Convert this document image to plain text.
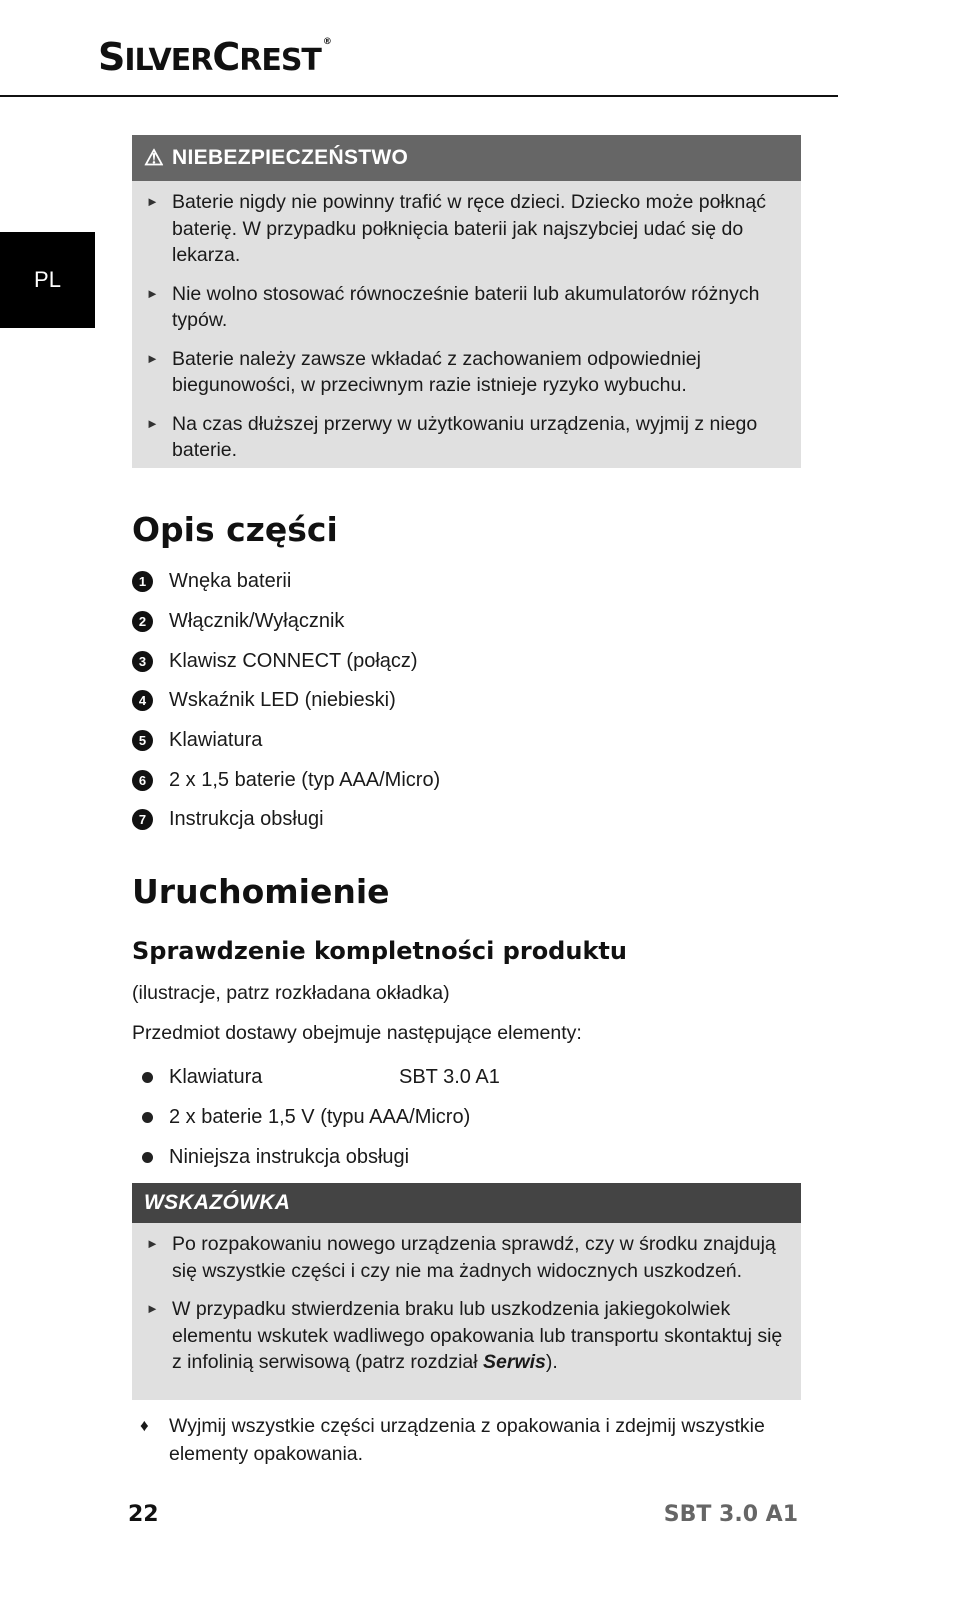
SILVERCREST®
PL
⚠ NIEBEZPIECZEŃSTWO
► Baterie nigdy nie powinny trafić w ręce dzieci. Dziecko może połknąć baterię. W przypadku połknięcia baterii jak najszybciej udać się do lekarza.
► Nie wolno stosować równocześnie baterii lub akumulatorów różnych typów.
► Baterie należy zawsze wkładać z zachowaniem odpowiedniej biegunowości, w przeciwnym razie istnieje ryzyko wybuchu.
► Na czas dłuższej przerwy w użytkowaniu urządzenia, wyjmij z niego baterie.
Opis części
1	Wnęka baterii
2	Włącznik/Wyłącznik
3	Klawisz CONNECT (połącz)
4	Wskaźnik LED (niebieski)
5	Klawiatura
6	2 x 1,5 baterie (typ AAA/Micro)
7	Instrukcja obsługi
Uruchomienie
Sprawdzenie kompletności produktu

(ilustracje, patrz rozkładana okładka)

Przedmiot dostawy obejmuje następujące elementy:

Klawiatura	SBT 3.0 A1
2 x baterie 1,5 V (typu AAA/Micro)
Niniejsza instrukcja obsługi
WSKAZÓWKA
► Po rozpakowaniu nowego urządzenia sprawdź, czy w środku znajdują się wszystkie części i czy nie ma żadnych widocznych uszkodzeń.
► W przypadku stwierdzenia braku lub uszkodzenia jakiegokolwiek elementu wskutek wadliwego opakowania lub transportu skontaktuj się z infolinią serwisową (patrz rozdział Serwis).
♦ Wyjmij wszystkie części urządzenia z opakowania i zdejmij wszystkie elementy opakowania.
22	SBT 3.0 A1
